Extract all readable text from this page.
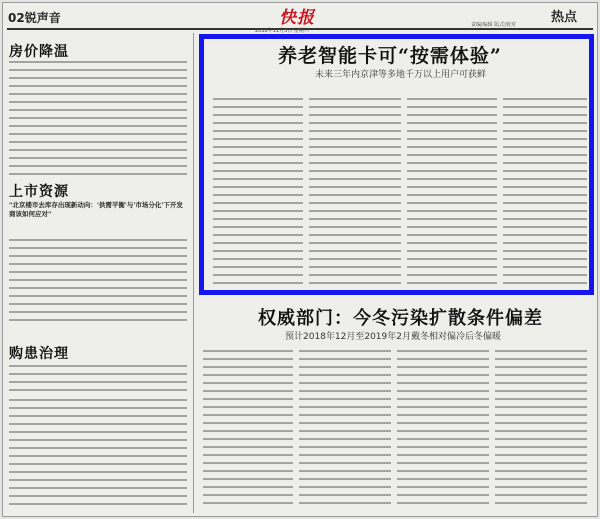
02锐声音	快报	热点
责编|编辑 版式|校对
2018年11月3日 星期六
房价降温
上市资源
"北京楼市去库存出现新动向：'供需平衡'与'市场分化'下开发商该如何应对"
购患治理
养老智能卡可“按需体验”
未来三年内京津等多地千万以上用户可获鲜
权威部门：今冬污染扩散条件偏差
预计2018年12月至2019年2月戴冬相对偏冷后冬偏暖
